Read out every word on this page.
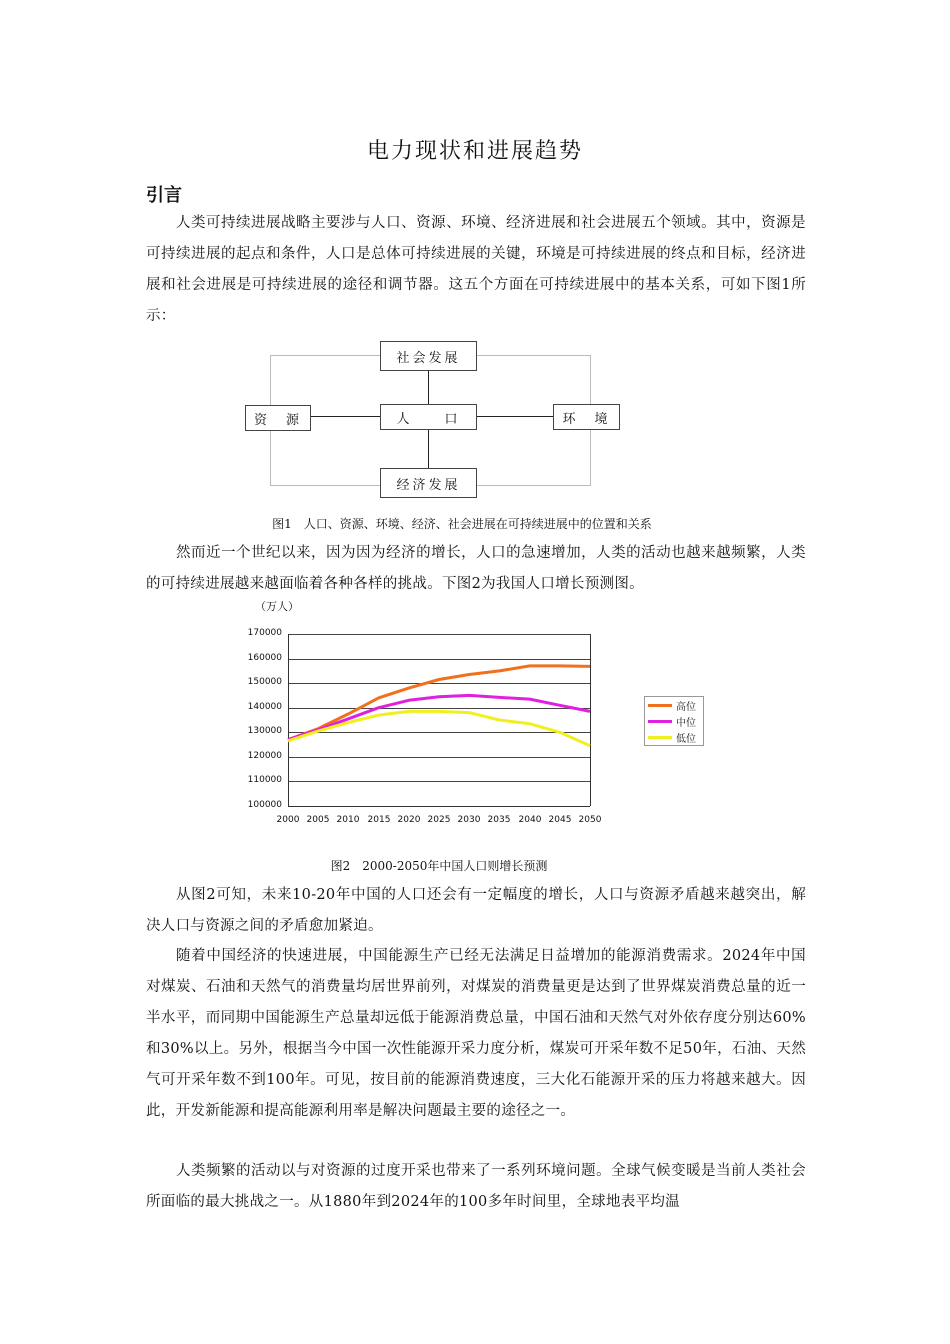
电力现状和进展趋势
引言
人类可持续进展战略主要涉与人口、资源、环境、经济进展和社会进展五个领域。其中，资源是可持续进展的起点和条件，人口是总体可持续进展的关键，环境是可持续进展的终点和目标，经济进展和社会进展是可持续进展的途径和调节器。这五个方面在可持续进展中的基本关系，可如下图1所示：
社会发展
资　源	人　　口	环　境
经济发展
图1　人口、资源、环境、经济、社会进展在可持续进展中的位置和关系
然而近一个世纪以来，因为因为经济的增长，人口的急速增加，人类的活动也越来越频繁，人类的可持续进展越来越面临着各种各样的挑战。下图2为我国人口增长预测图。
（万人）
100000
110000
120000
130000
140000
150000
160000
170000
2000 2005 2010 2015 2020 2025 2030 2035 2040 2045 2050
高位
中位
低位
图2　2000-2050年中国人口则增长预测
从图2可知，未来10-20年中国的人口还会有一定幅度的增长，人口与资源矛盾越来越突出，解决人口与资源之间的矛盾愈加紧迫。
随着中国经济的快速进展，中国能源生产已经无法满足日益增加的能源消费需求。2024年中国对煤炭、石油和天然气的消费量均居世界前列，对煤炭的消费量更是达到了世界煤炭消费总量的近一半水平，而同期中国能源生产总量却远低于能源消费总量，中国石油和天然气对外依存度分别达60%和30%以上。另外，根据当今中国一次性能源开采力度分析，煤炭可开采年数不足50年，石油、天然气可开采年数不到100年。可见，按目前的能源消费速度，三大化石能源开采的压力将越来越大。因此，开发新能源和提高能源利用率是解决问题最主要的途径之一。
人类频繁的活动以与对资源的过度开采也带来了一系列环境问题。全球气候变暖是当前人类社会所面临的最大挑战之一。从1880年到2024年的100多年时间里，全球地表平均温
